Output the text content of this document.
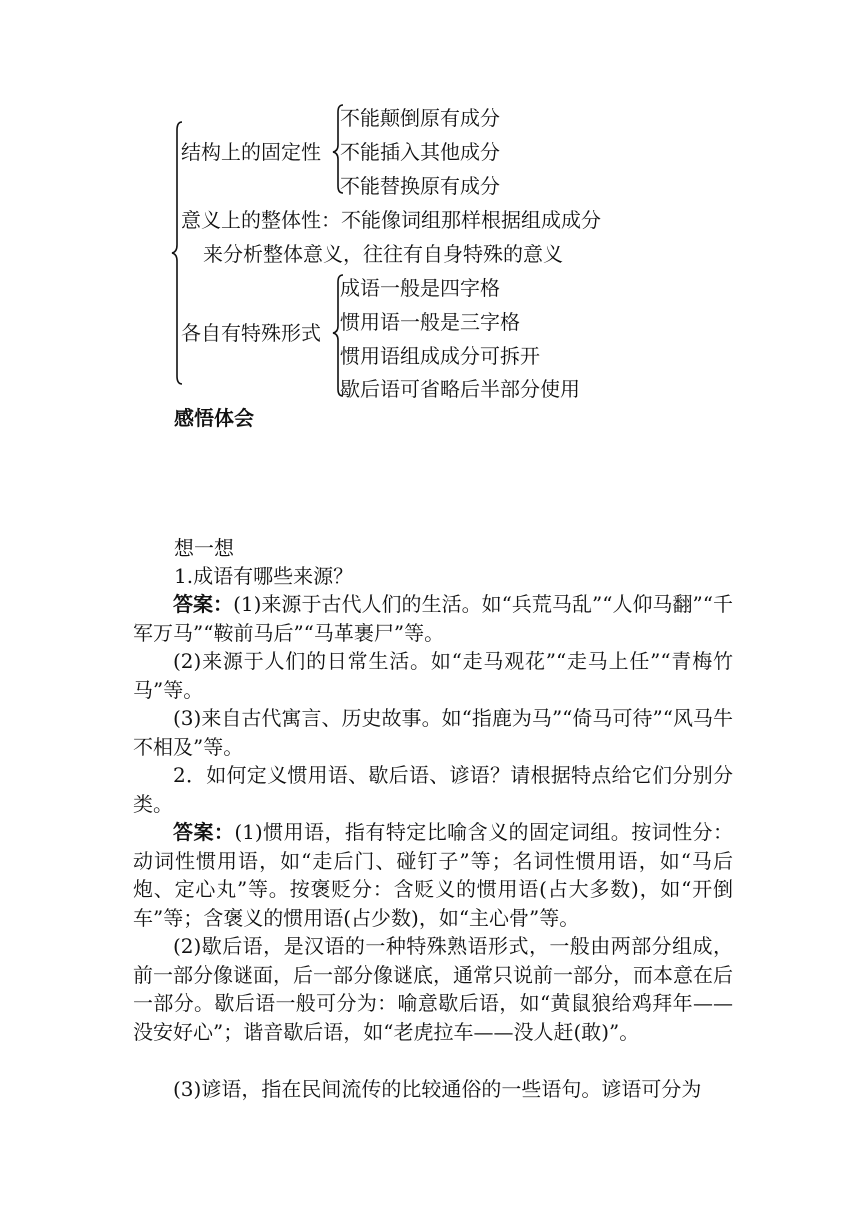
结构上的固定性
不能颠倒原有成分
不能插入其他成分
不能替换原有成分
意义上的整体性：不能像词组那样根据组成成分
来分析整体意义，往往有自身特殊的意义
各自有特殊形式
成语一般是四字格
惯用语一般是三字格
惯用语组成成分可拆开
歇后语可省略后半部分使用
感悟体会
想一想
1.成语有哪些来源？
答案：(1)来源于古代人们的生活。如“兵荒马乱”“人仰马翻”“千军万马”“鞍前马后”“马革裹尸”等。
(2)来源于人们的日常生活。如“走马观花”“走马上任”“青梅竹马”等。
(3)来自古代寓言、历史故事。如“指鹿为马”“倚马可待”“风马牛不相及”等。
2．如何定义惯用语、歇后语、谚语？请根据特点给它们分别分类。
答案：(1)惯用语，指有特定比喻含义的固定词组。按词性分：动词性惯用语，如“走后门、碰钉子”等；名词性惯用语，如“马后炮、定心丸”等。按褒贬分：含贬义的惯用语(占大多数)，如“开倒车”等；含褒义的惯用语(占少数)，如“主心骨”等。
(2)歇后语，是汉语的一种特殊熟语形式，一般由两部分组成，前一部分像谜面，后一部分像谜底，通常只说前一部分，而本意在后一部分。歇后语一般可分为：喻意歇后语，如“黄鼠狼给鸡拜年——没安好心”；谐音歇后语，如“老虎拉车——没人赶(敢)”。
(3)谚语，指在民间流传的比较通俗的一些语句。谚语可分为
